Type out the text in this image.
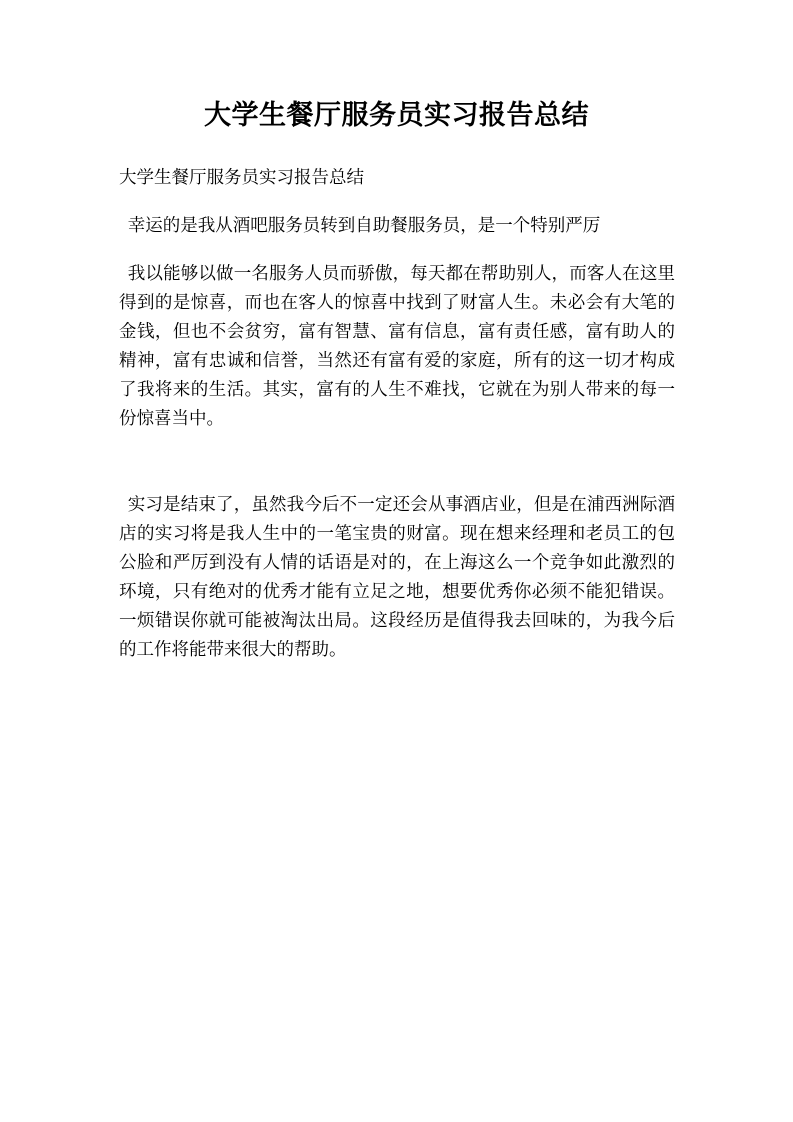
大学生餐厅服务员实习报告总结

大学生餐厅服务员实习报告总结

幸运的是我从酒吧服务员转到自助餐服务员，是一个特别严厉

我以能够以做一名服务人员而骄傲，每天都在帮助别人，而客人在这里得到的是惊喜，而也在客人的惊喜中找到了财富人生。未必会有大笔的金钱，但也不会贫穷，富有智慧、富有信息，富有责任感，富有助人的精神，富有忠诚和信誉，当然还有富有爱的家庭，所有的这一切才构成了我将来的生活。其实，富有的人生不难找，它就在为别人带来的每一份惊喜当中。

实习是结束了，虽然我今后不一定还会从事酒店业，但是在浦西洲际酒店的实习将是我人生中的一笔宝贵的财富。现在想来经理和老员工的包公脸和严厉到没有人情的话语是对的，在上海这么一个竞争如此激烈的环境，只有绝对的优秀才能有立足之地，想要优秀你必须不能犯错误。一烦错误你就可能被淘汰出局。这段经历是值得我去回味的，为我今后的工作将能带来很大的帮助。
